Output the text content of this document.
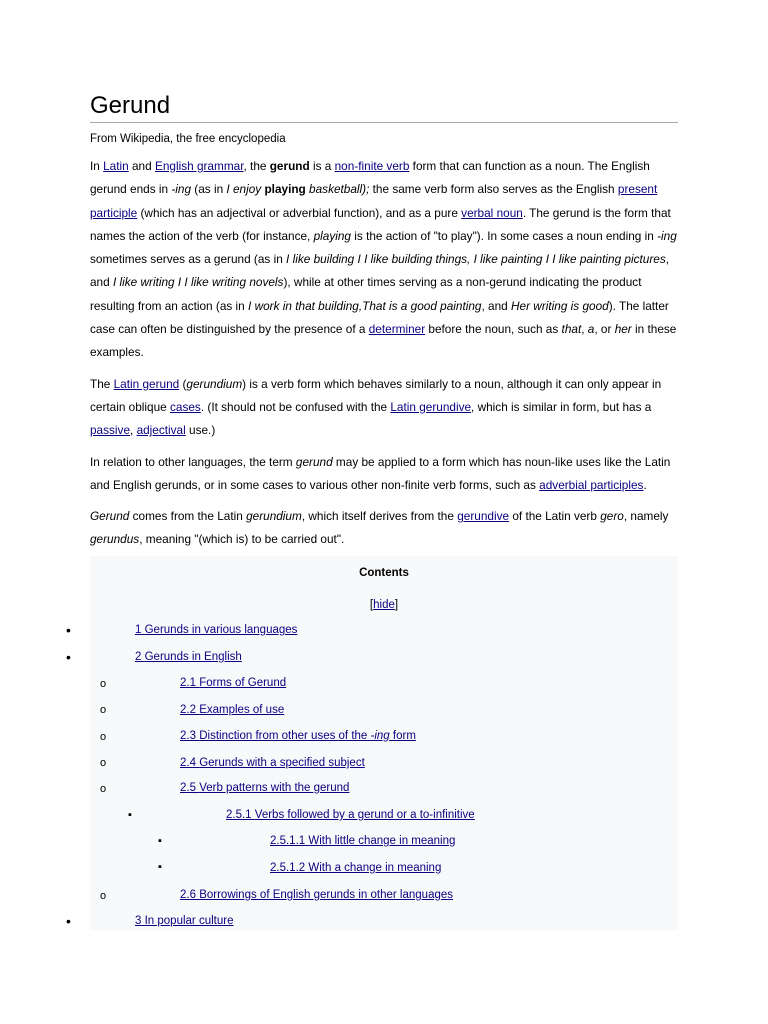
Gerund
From Wikipedia, the free encyclopedia

In Latin and English grammar, the gerund is a non-finite verb form that can function as a noun. The English gerund ends in -ing (as in I enjoy playing basketball); the same verb form also serves as the English present participle (which has an adjectival or adverbial function), and as a pure verbal noun. The gerund is the form that names the action of the verb (for instance, playing is the action of "to play"). In some cases a noun ending in -ing sometimes serves as a gerund (as in I like building I I like building things, I like painting I I like painting pictures, and I like writing I I like writing novels), while at other times serving as a non-gerund indicating the product resulting from an action (as in I work in that building,That is a good painting, and Her writing is good). The latter case can often be distinguished by the presence of a determiner before the noun, such as that, a, or her in these examples.

The Latin gerund (gerundium) is a verb form which behaves similarly to a noun, although it can only appear in certain oblique cases. (It should not be confused with the Latin gerundive, which is similar in form, but has a passive, adjectival use.)

In relation to other languages, the term gerund may be applied to a form which has noun-like uses like the Latin and English gerunds, or in some cases to various other non-finite verb forms, such as adverbial participles.

Gerund comes from the Latin gerundium, which itself derives from the gerundive of the Latin verb gero, namely gerundus, meaning "(which is) to be carried out".

Contents
[hide]
•
•
o
o
o
o
o
▪
▪
▪
o
•
1 Gerunds in various languages
2 Gerunds in English
2.1 Forms of Gerund
2.2 Examples of use
2.3 Distinction from other uses of the -ing form
2.4 Gerunds with a specified subject
2.5 Verb patterns with the gerund
2.5.1 Verbs followed by a gerund or a to-infinitive
2.5.1.1 With little change in meaning
2.5.1.2 With a change in meaning
2.6 Borrowings of English gerunds in other languages
3 In popular culture
